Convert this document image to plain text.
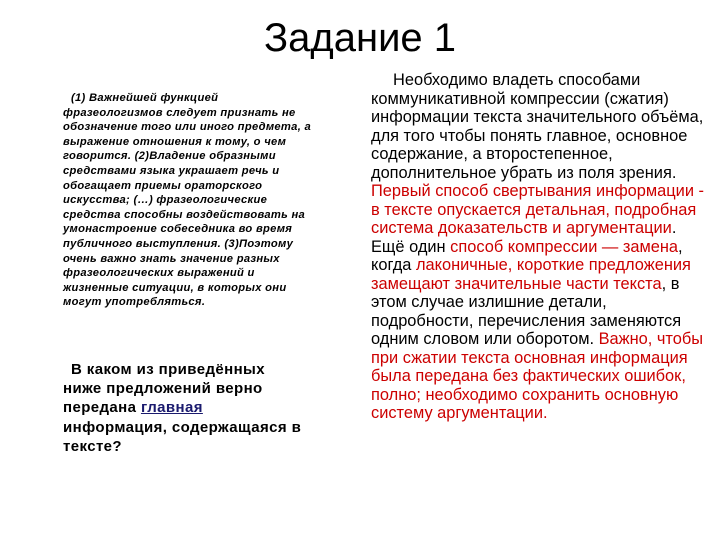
Задание 1
(1) Важнейшей функцией фразеологизмов следует признать не обозначение того или иного предмета, а выражение отношения к тому, о чем говорится. (2)Владение образными средствами языка украшает речь и обогащает приемы ораторского искусства; (…) фразеологические средства способны воздействовать на умонастроение собеседника во время публичного выступления. (3)Поэтому очень важно знать значение разных фразеологических выражений и жизненные ситуации, в которых они могут употребляться.
В каком из приведённых ниже предложений верно передана главная информация, содержащаяся в тексте?
Необходимо владеть способами коммуникативной компрессии (сжатия) информации текста значительного объёма, для того чтобы понять главное, основное содержание, а второстепенное, дополнительное убрать из поля зрения. Первый способ свертывания информации - в тексте опускается детальная, подробная система доказательств и аргументации. Ещё один способ компрессии — замена, когда лаконичные, короткие предложения замещают значительные части текста, в этом случае излишние детали, подробности, перечисления заменяются одним словом или оборотом. Важно, чтобы при сжатии текста основная информация была передана без фактических ошибок, полно; необходимо сохранить основную систему аргументации.
